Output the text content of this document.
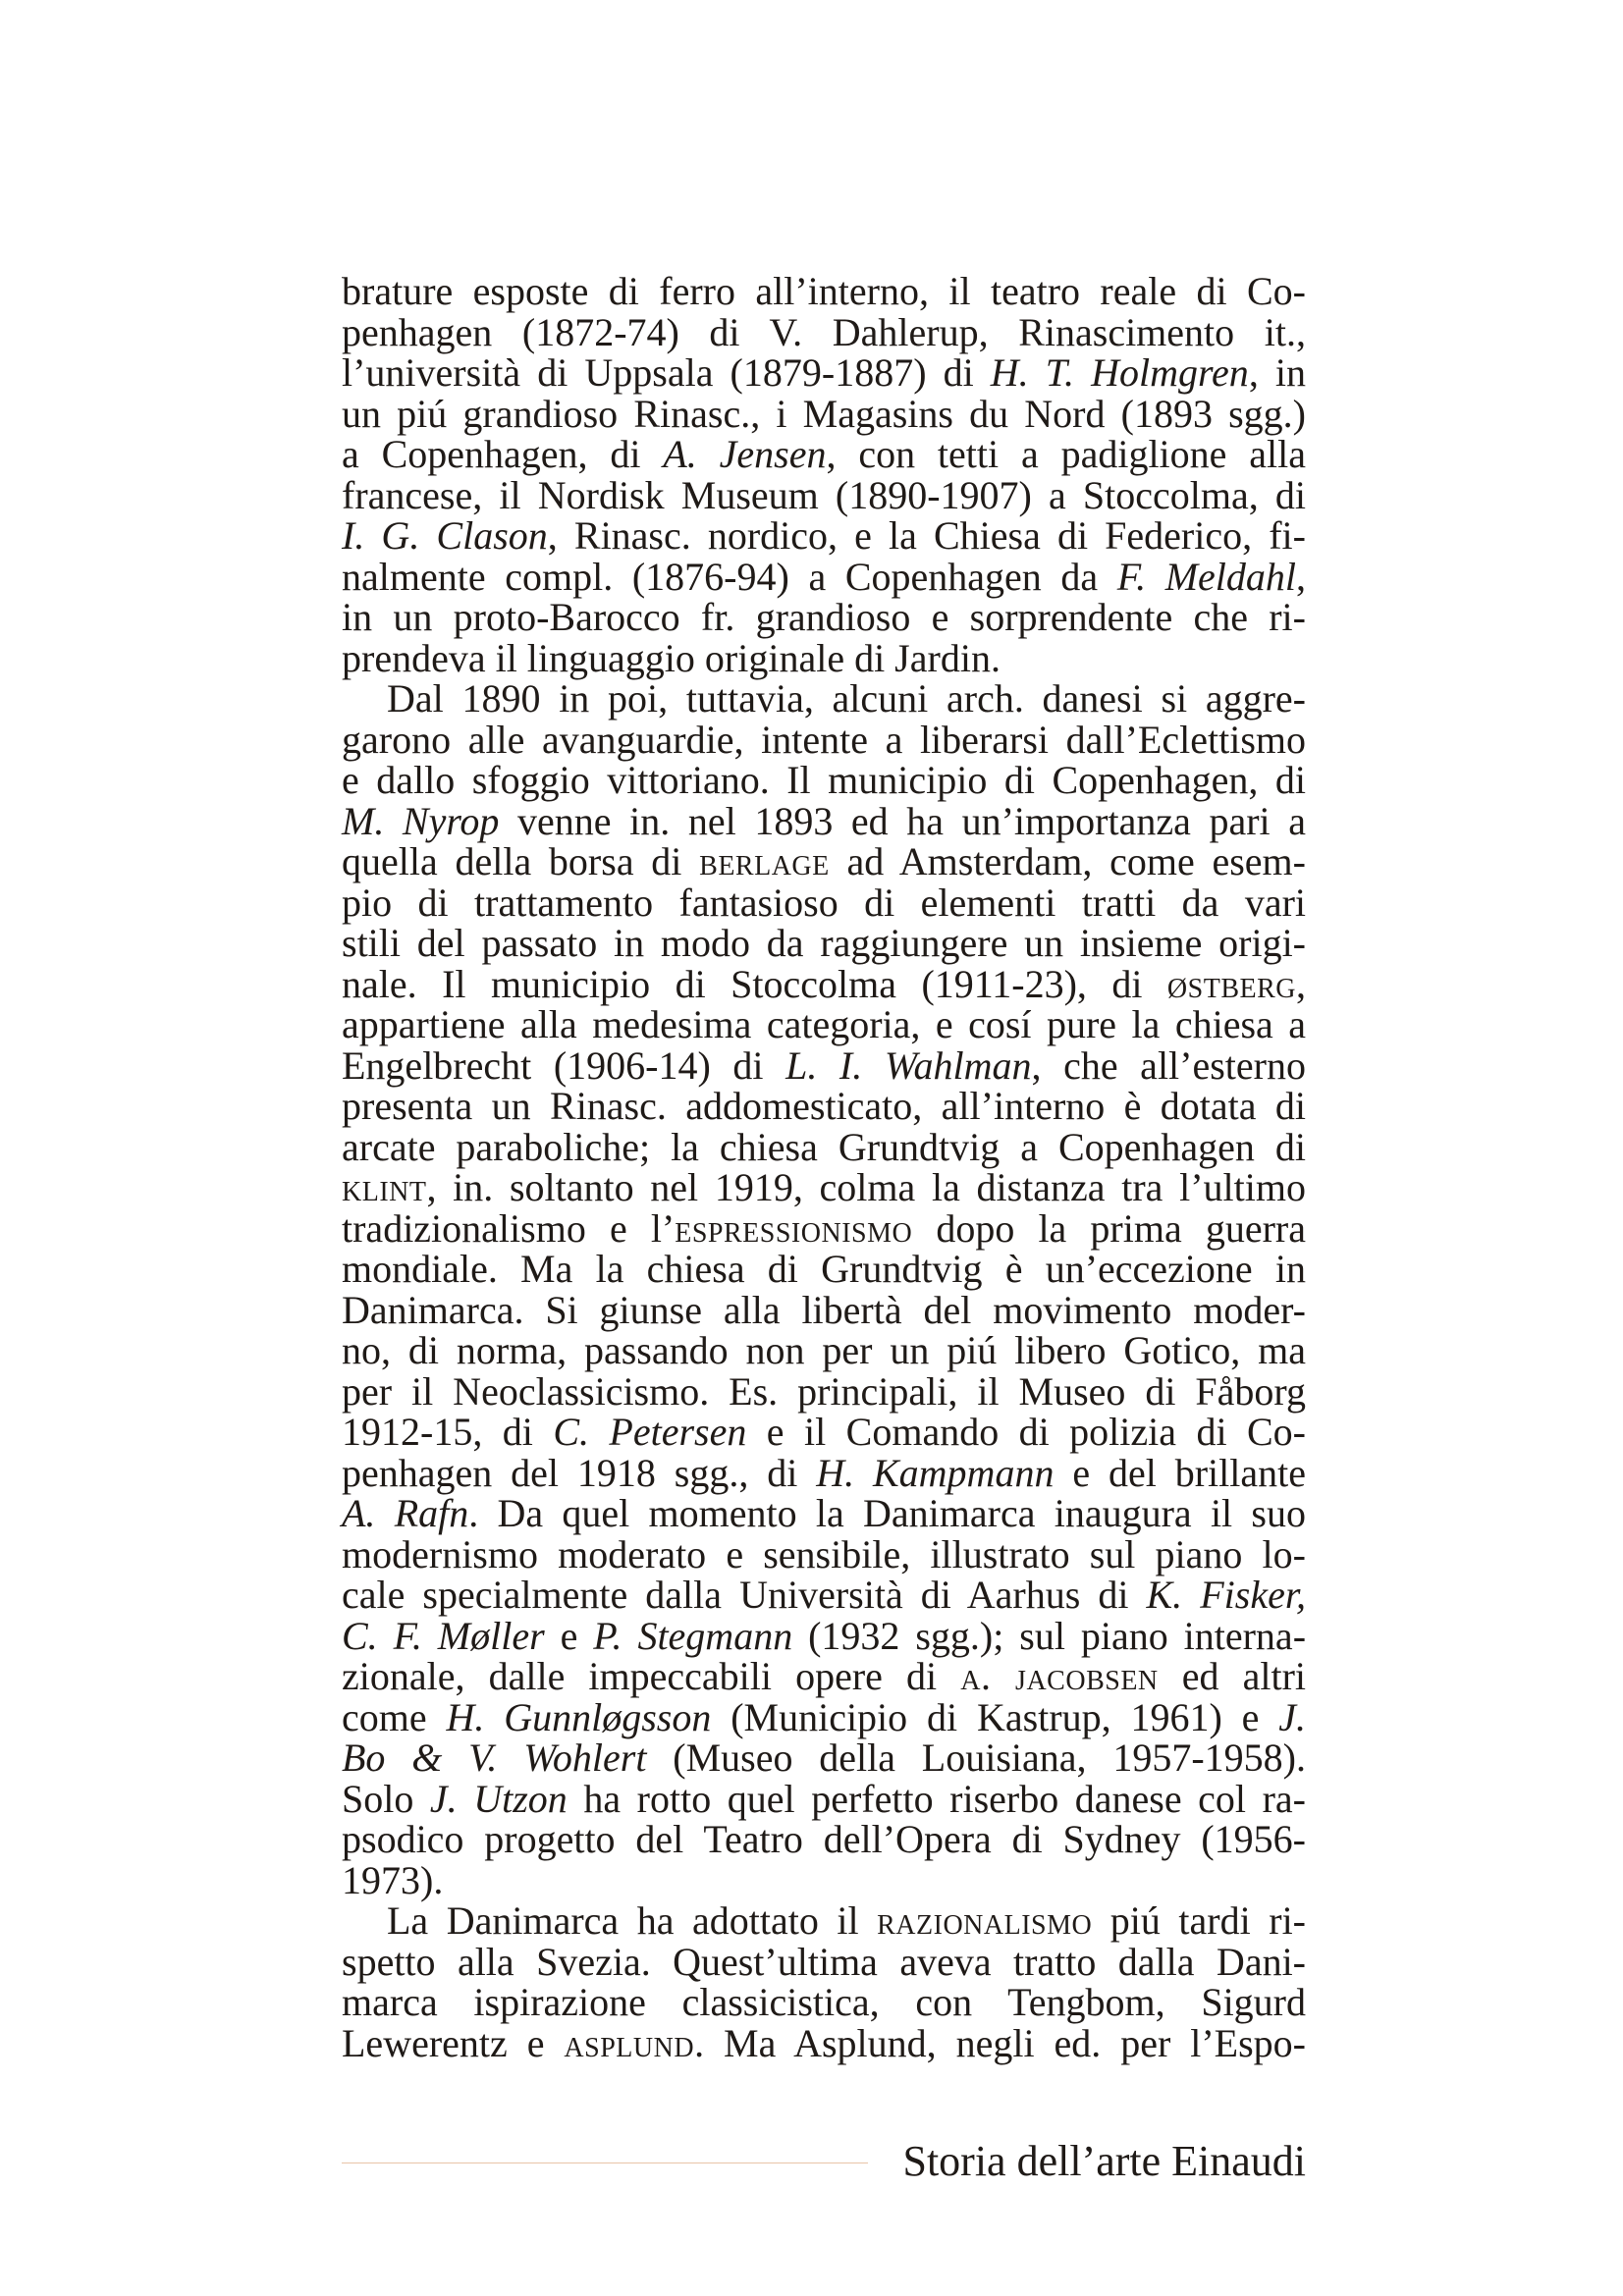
brature esposte di ferro all’interno, il teatro reale di Co-
penhagen (1872-74) di V. Dahlerup, Rinascimento it.,
l’università di Uppsala (1879-1887) di H. T. Holmgren, in
un piú grandioso Rinasc., i Magasins du Nord (1893 sgg.)
a Copenhagen, di A. Jensen, con tetti a padiglione alla
francese, il Nordisk Museum (1890-1907) a Stoccolma, di
I. G. Clason, Rinasc. nordico, e la Chiesa di Federico, fi-
nalmente compl. (1876-94) a Copenhagen da F. Meldahl,
in un proto-Barocco fr. grandioso e sorprendente che ri-
prendeva il linguaggio originale di Jardin.
Dal 1890 in poi, tuttavia, alcuni arch. danesi si aggre-
garono alle avanguardie, intente a liberarsi dall’Eclettismo
e dallo sfoggio vittoriano. Il municipio di Copenhagen, di
M. Nyrop venne in. nel 1893 ed ha un’importanza pari a
quella della borsa di berlage ad Amsterdam, come esem-
pio di trattamento fantasioso di elementi tratti da vari
stili del passato in modo da raggiungere un insieme origi-
nale. Il municipio di Stoccolma (1911-23), di østberg,
appartiene alla medesima categoria, e cosí pure la chiesa a
Engelbrecht (1906-14) di L. I. Wahlman, che all’esterno
presenta un Rinasc. addomesticato, all’interno è dotata di
arcate paraboliche; la chiesa Grundtvig a Copenhagen di
klint, in. soltanto nel 1919, colma la distanza tra l’ultimo
tradizionalismo e l’espressionismo dopo la prima guerra
mondiale. Ma la chiesa di Grundtvig è un’eccezione in
Danimarca. Si giunse alla libertà del movimento moder-
no, di norma, passando non per un piú libero Gotico, ma
per il Neoclassicismo. Es. principali, il Museo di Fåborg
1912-15, di C. Petersen e il Comando di polizia di Co-
penhagen del 1918 sgg., di H. Kampmann e del brillante
A. Rafn. Da quel momento la Danimarca inaugura il suo
modernismo moderato e sensibile, illustrato sul piano lo-
cale specialmente dalla Università di Aarhus di K. Fisker,
C. F. Møller e P. Stegmann (1932 sgg.); sul piano interna-
zionale, dalle impeccabili opere di a. jacobsen ed altri
come H. Gunnløgsson (Municipio di Kastrup, 1961) e J.
Bo & V. Wohlert (Museo della Louisiana, 1957-1958).
Solo J. Utzon ha rotto quel perfetto riserbo danese col ra-
psodico progetto del Teatro dell’Opera di Sydney (1956-
1973).
La Danimarca ha adottato il razionalismo piú tardi ri-
spetto alla Svezia. Quest’ultima aveva tratto dalla Dani-
marca ispirazione classicistica, con Tengbom, Sigurd
Lewerentz e asplund. Ma Asplund, negli ed. per l’Espo-
Storia dell’arte Einaudi
